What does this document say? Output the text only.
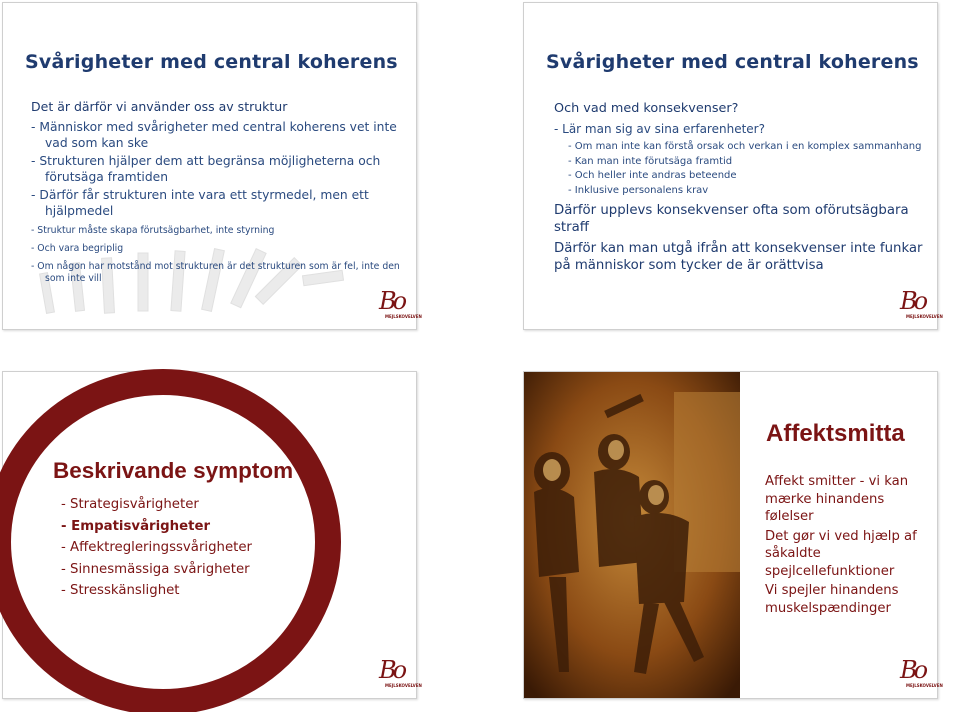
Svårigheter med central koherens
Det är därför vi använder oss av struktur
- Människor med svårigheter med central koherens vet inte vad som kan ske
- Strukturen hjälper dem att begränsa möjligheterna och förutsäga framtiden
- Därför får strukturen inte vara ett styrmedel, men ett hjälpmedel
- Struktur måste skapa förutsägbarhet, inte styrning
- Och vara begriplig
- Om någon har motstånd mot strukturen är det strukturen som är fel, inte den som inte vill
Bo
MEJLSKOVELVEN
Svårigheter med central koherens
Och vad med konsekvenser?
- Lär man sig av sina erfarenheter?
- Om man inte kan förstå orsak och verkan i en komplex sammanhang
- Kan man inte förutsäga framtid
- Och heller inte andras beteende
- Inklusive personalens krav
Därför upplevs konsekvenser ofta som oförutsägbara straff
Därför kan man utgå ifrån att konsekvenser inte funkar på människor som tycker de är orättvisa
Bo
MEJLSKOVELVEN
Beskrivande symptom
- Strategisvårigheter
- Empatisvårigheter
- Affektregleringssvårigheter
- Sinnesmässiga svårigheter
- Stresskänslighet
Bo
MEJLSKOVELVEN
Affektsmitta
Affekt smitter - vi kan mærke hinandens følelser
Det gør vi ved hjælp af såkaldte spejlcellefunktioner
Vi spejler hinandens muskelspændinger
Bo
MEJLSKOVELVEN
